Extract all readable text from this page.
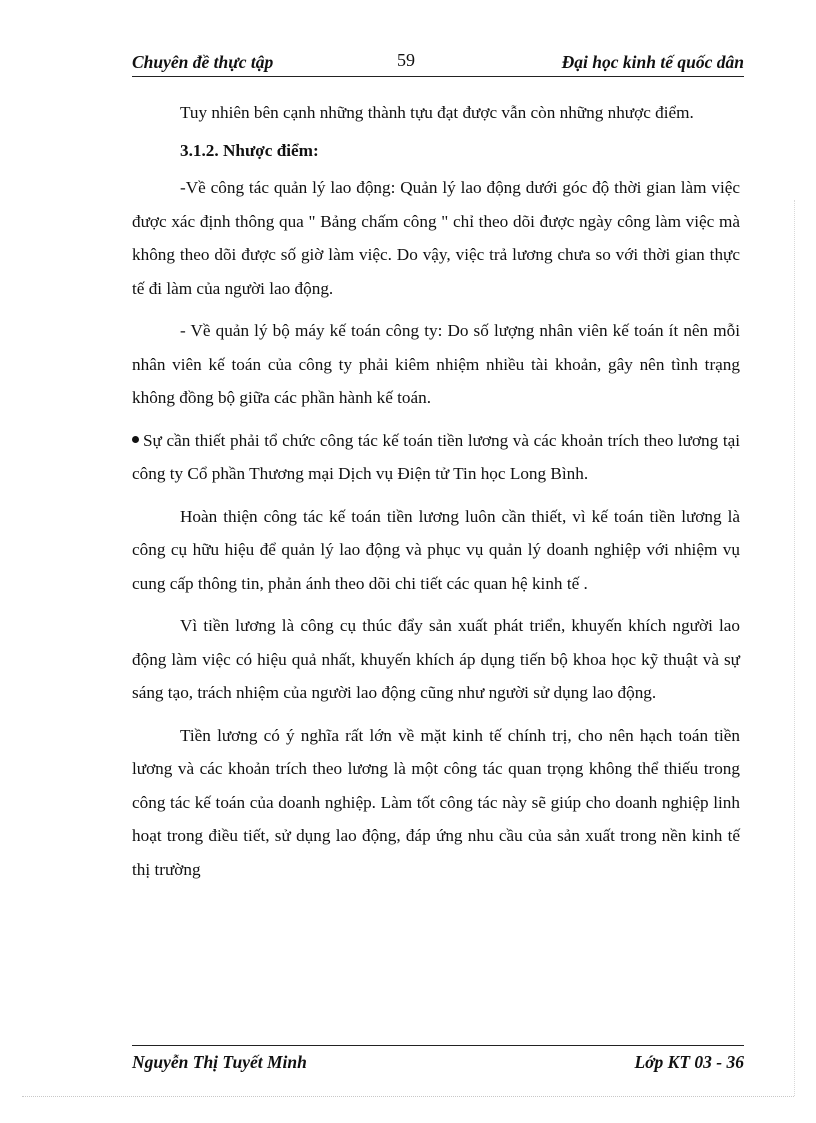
Chuyên đề thực tập	59	Đại học kinh tế quốc dân

Tuy nhiên bên cạnh những thành tựu đạt được vẫn còn những nhược điểm.

3.1.2. Nhược điểm:

-Về công tác quản lý lao động: Quản lý lao động dưới góc độ thời gian làm việc được xác định thông qua " Bảng chấm công " chỉ theo dõi được ngày công làm việc mà không theo dõi được số giờ làm việc. Do vậy, việc trả lương chưa so với thời gian thực tế đi làm của người lao động.

- Về quản lý bộ máy kế toán công ty: Do số lượng nhân viên kế toán ít nên mỗi nhân viên kế toán của công ty phải kiêm nhiệm nhiều tài khoản, gây nên tình trạng không đồng bộ giữa các phần hành kế toán.

Sự cần thiết phải tổ chức công tác kế toán tiền lương và các khoản trích theo lương tại công ty Cổ phần Thương mại Dịch vụ Điện tử Tin học Long Bình.

Hoàn thiện công tác kế toán tiền lương luôn cần thiết, vì kế toán tiền lương là công cụ hữu hiệu để quản lý lao động và phục vụ quản lý doanh nghiệp với nhiệm vụ cung cấp thông tin, phản ánh theo dõi chi tiết các quan hệ kinh tế .

Vì tiền lương là công cụ thúc đẩy sản xuất phát triển, khuyến khích người lao động làm việc có hiệu quả nhất, khuyến khích áp dụng tiến bộ khoa học kỹ thuật và sự sáng tạo, trách nhiệm của người lao động cũng như người sử dụng lao động.

Tiền lương có ý nghĩa rất lớn về mặt kinh tế chính trị, cho nên hạch toán tiền lương và các khoản trích theo lương là một công tác quan trọng không thể thiếu trong công tác kế toán của doanh nghiệp. Làm tốt công tác này sẽ giúp cho doanh nghiệp linh hoạt trong điều tiết, sử dụng lao động, đáp ứng nhu cầu của sản xuất trong nền kinh tế thị trường

Nguyễn Thị Tuyết Minh	Lớp KT 03 - 36
